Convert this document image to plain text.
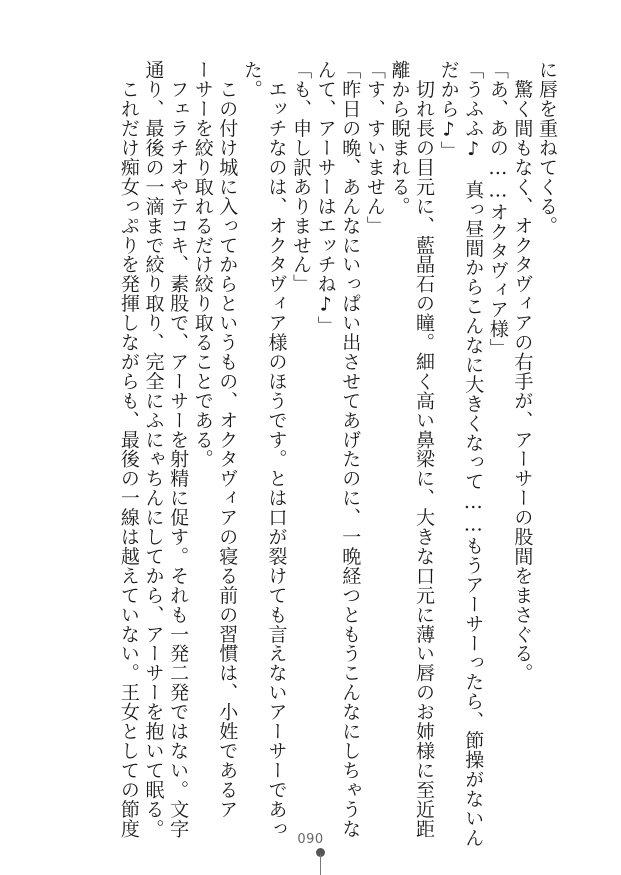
に唇を重ねてくる。
　驚く間もなく、オクタヴィアの右手が、アーサーの股間をまさぐる。
「あ、あの……オクタヴィア様」
「うふふ♪　真っ昼間からこんなに大きくなって……もうアーサーったら、節操がないん
だから♪」
　切れ長の目元に、藍晶石の瞳。細く高い鼻梁に、大きな口元に薄い唇のお姉様に至近距
離から睨まれる。
「す、すいません」
「昨日の晩、あんなにいっぱい出させてあげたのに、一晩経つともうこんなにしちゃうな
んて、アーサーはエッチね♪」
「も、申し訳ありません」
　エッチなのは、オクタヴィア様のほうです。とは口が裂けても言えないアーサーであっ
た。
　この付け城に入ってからというもの、オクタヴィアの寝る前の習慣は、小姓であるア
ーサーを絞り取れるだけ絞り取ることである。
　フェラチオやテコキ、素股で、アーサーを射精に促す。それも一発二発ではない。文字
通り、最後の一滴まで絞り取り、完全にふにゃちんにしてから、アーサーを抱いて眠る。
　これだけ痴女っぷりを発揮しながらも、最後の一線は越えていない。王女としての節度
090
